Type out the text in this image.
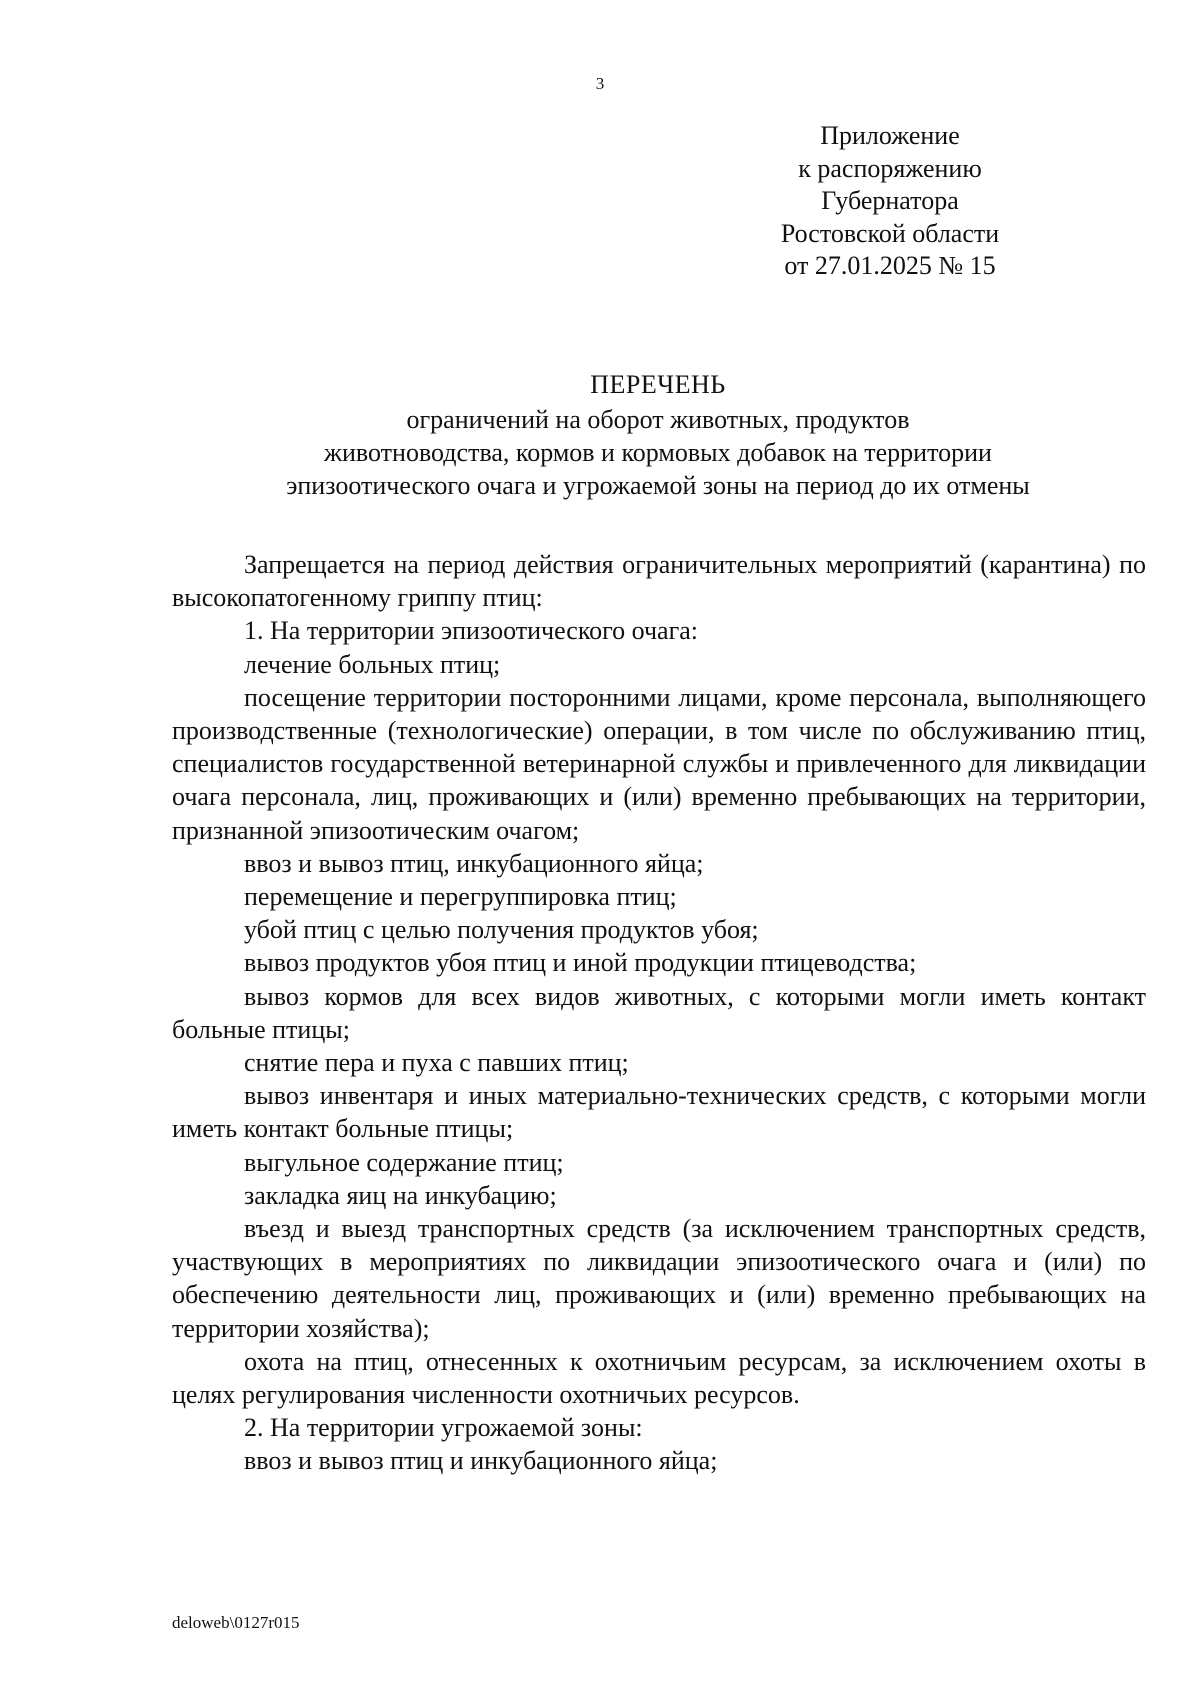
3
Приложение
к распоряжению
Губернатора
Ростовской области
от 27.01.2025 № 15
ПЕРЕЧЕНЬ
ограничений на оборот животных, продуктов
животноводства, кормов и кормовых добавок на территории
эпизоотического очага и угрожаемой зоны на период до их отмены

Запрещается на период действия ограничительных мероприятий (карантина) по высокопатогенному гриппу птиц:

1. На территории эпизоотического очага:

лечение больных птиц;

посещение территории посторонними лицами, кроме персонала, выполняющего производственные (технологические) операции, в том числе по обслуживанию птиц, специалистов государственной ветеринарной службы и привлеченного для ликвидации очага персонала, лиц, проживающих и (или) временно пребывающих на территории, признанной эпизоотическим очагом;

ввоз и вывоз птиц, инкубационного яйца;

перемещение и перегруппировка птиц;

убой птиц с целью получения продуктов убоя;

вывоз продуктов убоя птиц и иной продукции птицеводства;

вывоз кормов для всех видов животных, с которыми могли иметь контакт больные птицы;

снятие пера и пуха с павших птиц;

вывоз инвентаря и иных материально-технических средств, с которыми могли иметь контакт больные птицы;

выгульное содержание птиц;

закладка яиц на инкубацию;

въезд и выезд транспортных средств (за исключением транспортных средств, участвующих в мероприятиях по ликвидации эпизоотического очага и (или) по обеспечению деятельности лиц, проживающих и (или) временно пребывающих на территории хозяйства);

охота на птиц, отнесенных к охотничьим ресурсам, за исключением охоты в целях регулирования численности охотничьих ресурсов.

2. На территории угрожаемой зоны:

ввоз и вывоз птиц и инкубационного яйца;

deloweb\0127r015
